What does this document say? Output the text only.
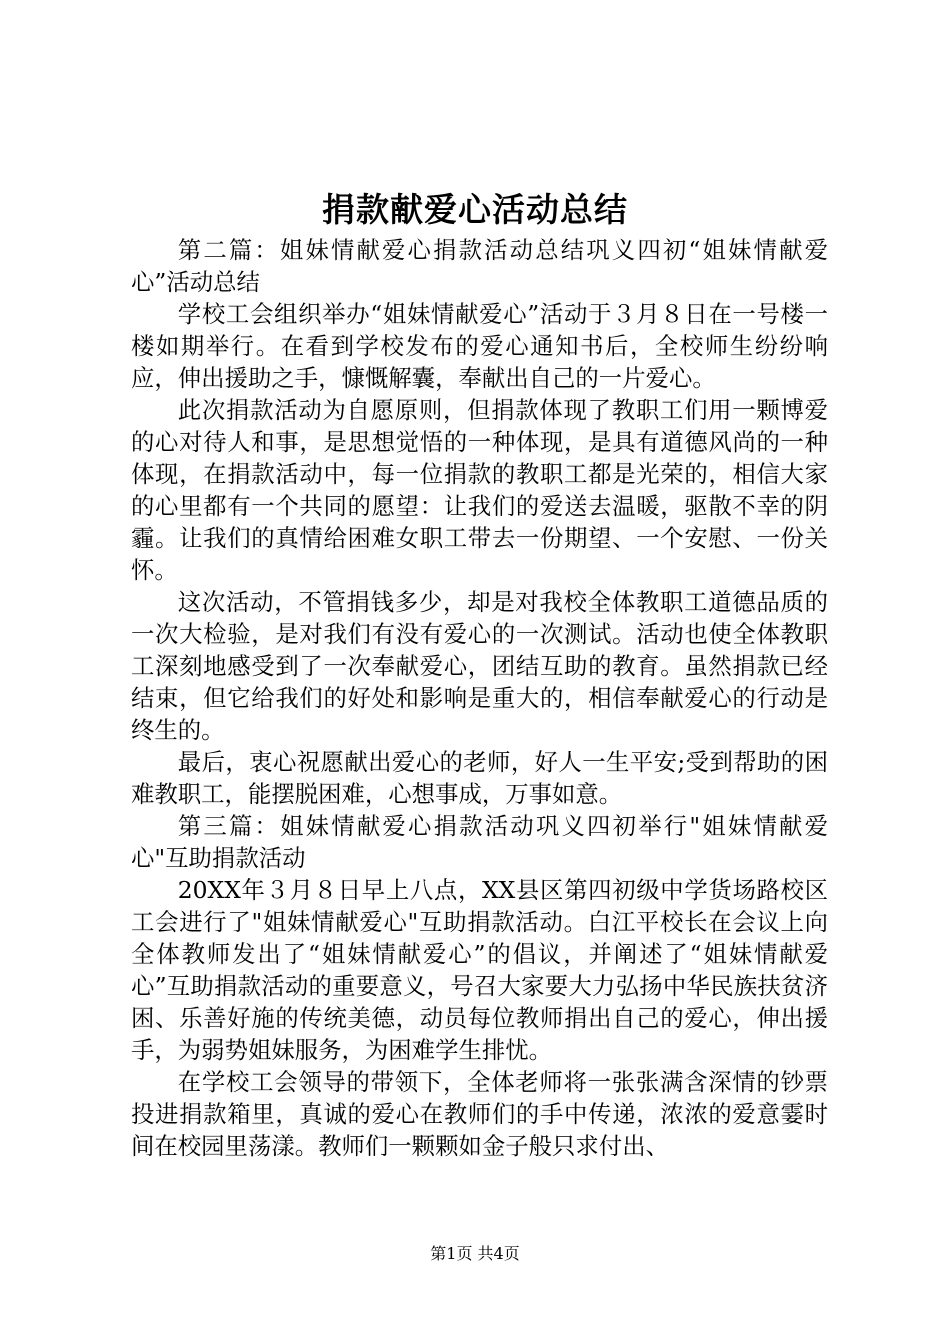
捐款献爱心活动总结

第二篇：姐妹情献爱心捐款活动总结巩义四初“姐妹情献爱心”活动总结

学校工会组织举办“姐妹情献爱心”活动于３月８日在一号楼一楼如期举行。在看到学校发布的爱心通知书后，全校师生纷纷响应，伸出援助之手，慷慨解囊，奉献出自己的一片爱心。

此次捐款活动为自愿原则，但捐款体现了教职工们用一颗博爱的心对待人和事，是思想觉悟的一种体现，是具有道德风尚的一种体现，在捐款活动中，每一位捐款的教职工都是光荣的，相信大家的心里都有一个共同的愿望：让我们的爱送去温暖，驱散不幸的阴霾。让我们的真情给困难女职工带去一份期望、一个安慰、一份关怀。

这次活动，不管捐钱多少，却是对我校全体教职工道德品质的一次大检验，是对我们有没有爱心的一次测试。活动也使全体教职工深刻地感受到了一次奉献爱心，团结互助的教育。虽然捐款已经结束，但它给我们的好处和影响是重大的，相信奉献爱心的行动是终生的。

最后，衷心祝愿献出爱心的老师，好人一生平安;受到帮助的困难教职工，能摆脱困难，心想事成，万事如意。

第三篇：姐妹情献爱心捐款活动巩义四初举行"姐妹情献爱心"互助捐款活动

20XX年３月８日早上八点，XX县区第四初级中学货场路校区工会进行了"姐妹情献爱心"互助捐款活动。白江平校长在会议上向全体教师发出了“姐妹情献爱心”的倡议，并阐述了“姐妹情献爱心”互助捐款活动的重要意义，号召大家要大力弘扬中华民族扶贫济困、乐善好施的传统美德，动员每位教师捐出自己的爱心，伸出援手，为弱势姐妹服务，为困难学生排忧。

在学校工会领导的带领下，全体老师将一张张满含深情的钞票投进捐款箱里，真诚的爱心在教师们的手中传递，浓浓的爱意霎时间在校园里荡漾。教师们一颗颗如金子般只求付出、

第1页 共4页
